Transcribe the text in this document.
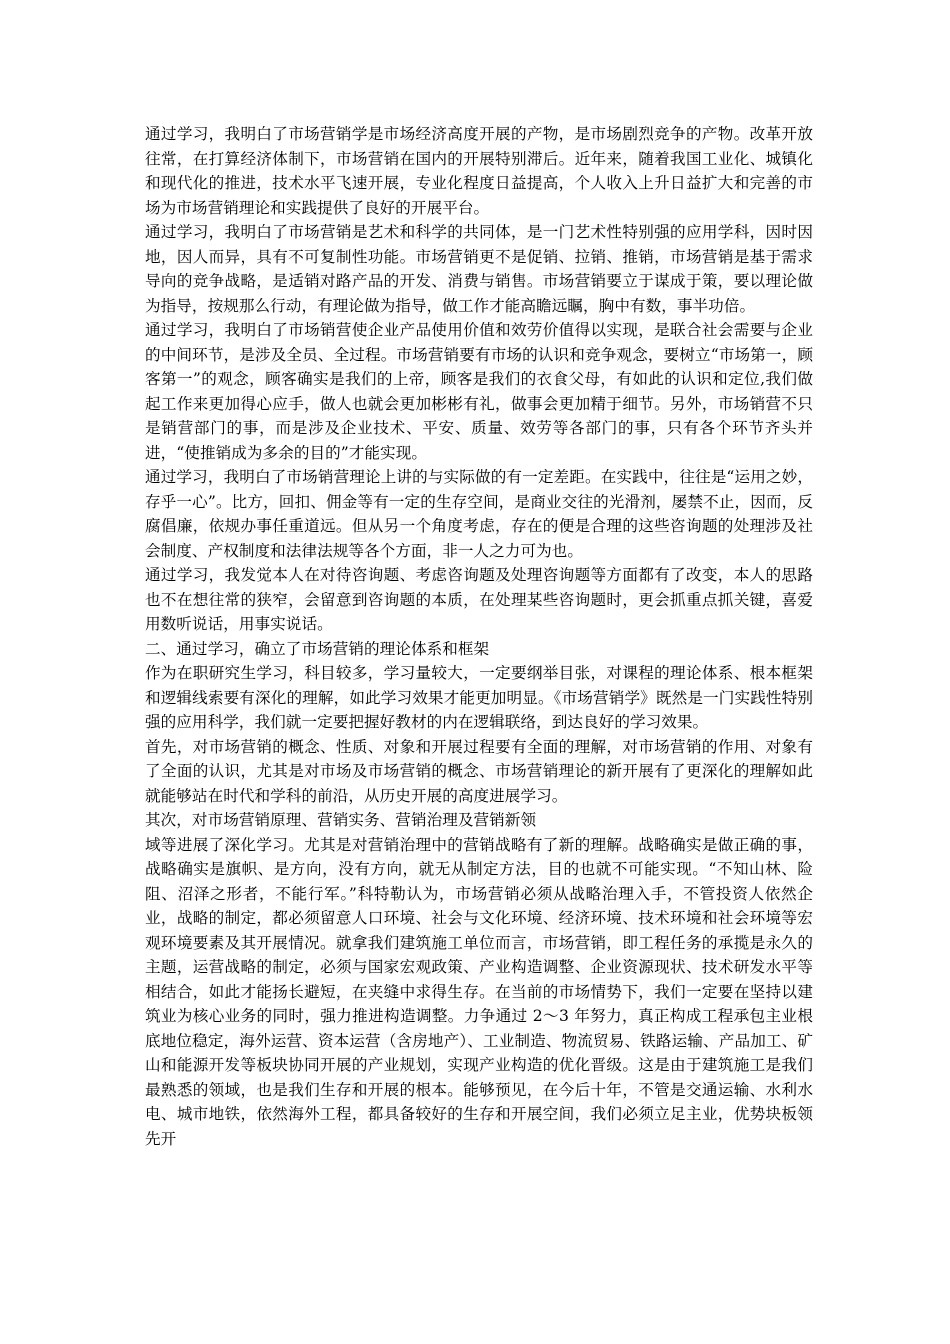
通过学习，我明白了市场营销学是市场经济高度开展的产物，是市场剧烈竞争的产物。改革开放往常，在打算经济体制下，市场营销在国内的开展特别滞后。近年来，随着我国工业化、城镇化和现代化的推进，技术水平飞速开展，专业化程度日益提高，个人收入上升日益扩大和完善的市场为市场营销理论和实践提供了良好的开展平台。

通过学习，我明白了市场营销是艺术和科学的共同体，是一门艺术性特别强的应用学科，因时因地，因人而异，具有不可复制性功能。市场营销更不是促销、拉销、推销，市场营销是基于需求导向的竞争战略，是适销对路产品的开发、消费与销售。市场营销要立于谋成于策，要以理论做为指导，按规那么行动，有理论做为指导，做工作才能高瞻远瞩，胸中有数，事半功倍。

通过学习，我明白了市场销营使企业产品使用价值和效劳价值得以实现，是联合社会需要与企业的中间环节，是涉及全员、全过程。市场营销要有市场的认识和竞争观念，要树立“市场第一，顾客第一”的观念，顾客确实是我们的上帝，顾客是我们的衣食父母，有如此的认识和定位,我们做起工作来更加得心应手，做人也就会更加彬彬有礼，做事会更加精于细节。另外，市场销营不只是销营部门的事，而是涉及企业技术、平安、质量、效劳等各部门的事，只有各个环节齐头并进，“使推销成为多余的目的”才能实现。

通过学习，我明白了市场销营理论上讲的与实际做的有一定差距。在实践中，往往是“运用之妙，存乎一心”。比方，回扣、佣金等有一定的生存空间，是商业交往的光滑剂，屡禁不止，因而，反腐倡廉，依规办事任重道远。但从另一个角度考虑，存在的便是合理的这些咨询题的处理涉及社会制度、产权制度和法律法规等各个方面，非一人之力可为也。

通过学习，我发觉本人在对待咨询题、考虑咨询题及处理咨询题等方面都有了改变，本人的思路也不在想往常的狭窄，会留意到咨询题的本质，在处理某些咨询题时，更会抓重点抓关键，喜爱用数听说话，用事实说话。

二、通过学习，确立了市场营销的理论体系和框架

作为在职研究生学习，科目较多，学习量较大，一定要纲举目张，对课程的理论体系、根本框架和逻辑线索要有深化的理解，如此学习效果才能更加明显。《市场营销学》既然是一门实践性特别强的应用科学，我们就一定要把握好教材的内在逻辑联络，到达良好的学习效果。

首先，对市场营销的概念、性质、对象和开展过程要有全面的理解，对市场营销的作用、对象有了全面的认识，尤其是对市场及市场营销的概念、市场营销理论的新开展有了更深化的理解如此就能够站在时代和学科的前沿，从历史开展的高度进展学习。

其次，对市场营销原理、营销实务、营销治理及营销新领

域等进展了深化学习。尤其是对营销治理中的营销战略有了新的理解。战略确实是做正确的事，战略确实是旗帜、是方向，没有方向，就无从制定方法，目的也就不可能实现。“不知山林、险阻、沼泽之形者，不能行军。”科特勒认为，市场营销必须从战略治理入手，不管投资人依然企业，战略的制定，都必须留意人口环境、社会与文化环境、经济环境、技术环境和社会环境等宏观环境要素及其开展情况。就拿我们建筑施工单位而言，市场营销，即工程任务的承揽是永久的主题，运营战略的制定，必须与国家宏观政策、产业构造调整、企业资源现状、技术研发水平等相结合，如此才能扬长避短，在夹缝中求得生存。在当前的市场情势下，我们一定要在坚持以建筑业为核心业务的同时，强力推进构造调整。力争通过 2～3 年努力，真正构成工程承包主业根底地位稳定，海外运营、资本运营（含房地产）、工业制造、物流贸易、铁路运输、产品加工、矿山和能源开发等板块协同开展的产业规划，实现产业构造的优化晋级。这是由于建筑施工是我们最熟悉的领域，也是我们生存和开展的根本。能够预见，在今后十年，不管是交通运输、水利水电、城市地铁，依然海外工程，都具备较好的生存和开展空间，我们必须立足主业，优势块板领先开
